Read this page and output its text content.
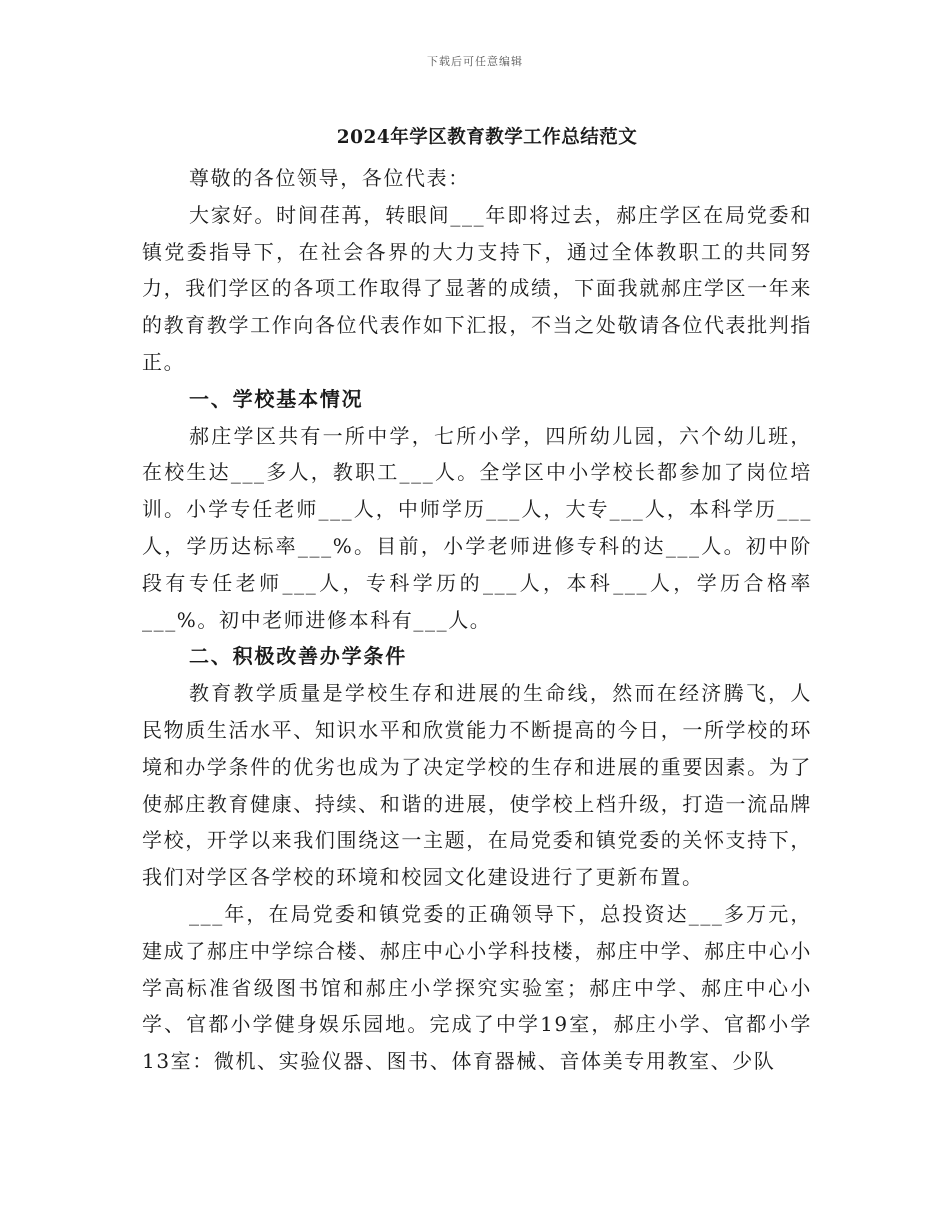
下载后可任意编辑
2024年学区教育教学工作总结范文

尊敬的各位领导，各位代表：

大家好。时间荏苒，转眼间___年即将过去，郝庄学区在局党委和镇党委指导下，在社会各界的大力支持下，通过全体教职工的共同努力，我们学区的各项工作取得了显著的成绩，下面我就郝庄学区一年来的教育教学工作向各位代表作如下汇报，不当之处敬请各位代表批判指正。

一、学校基本情况

郝庄学区共有一所中学，七所小学，四所幼儿园，六个幼儿班，在校生达___多人，教职工___人。全学区中小学校长都参加了岗位培训。小学专任老师___人，中师学历___人，大专___人，本科学历___人，学历达标率___%。目前，小学老师进修专科的达___人。初中阶段有专任老师___人，专科学历的___人，本科___人，学历合格率___%。初中老师进修本科有___人。

二、积极改善办学条件

教育教学质量是学校生存和进展的生命线，然而在经济腾飞，人民物质生活水平、知识水平和欣赏能力不断提高的今日，一所学校的环境和办学条件的优劣也成为了决定学校的生存和进展的重要因素。为了使郝庄教育健康、持续、和谐的进展，使学校上档升级，打造一流品牌学校，开学以来我们围绕这一主题，在局党委和镇党委的关怀支持下，我们对学区各学校的环境和校园文化建设进行了更新布置。

___年，在局党委和镇党委的正确领导下，总投资达___多万元，建成了郝庄中学综合楼、郝庄中心小学科技楼，郝庄中学、郝庄中心小学高标准省级图书馆和郝庄小学探究实验室；郝庄中学、郝庄中心小学、官都小学健身娱乐园地。完成了中学19室，郝庄小学、官都小学13室：微机、实验仪器、图书、体育器械、音体美专用教室、少队
